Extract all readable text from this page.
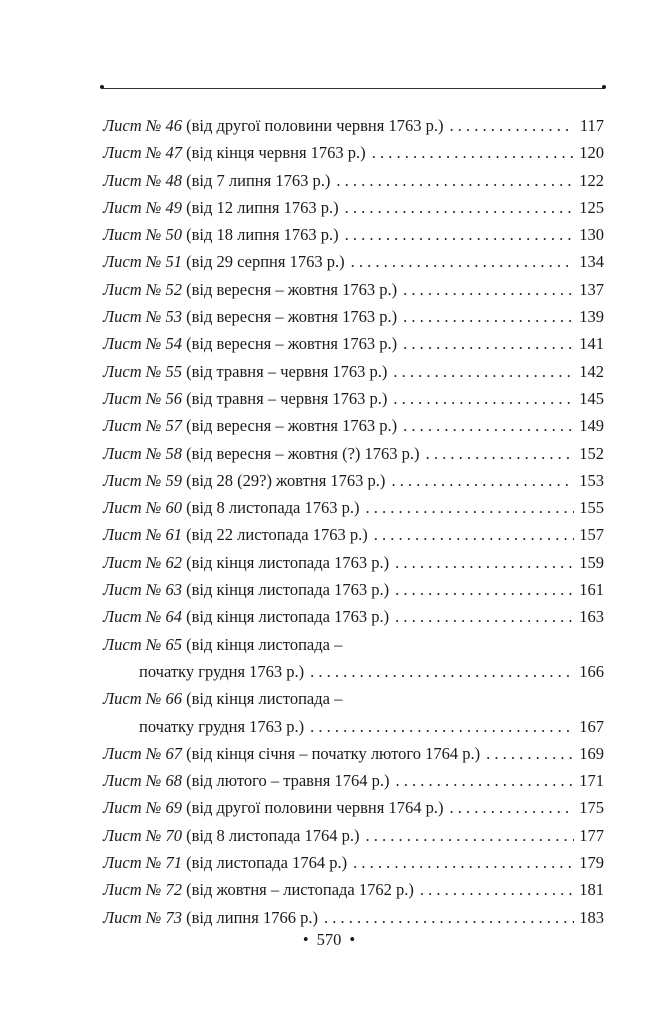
Лист № 46 (від другої половини червня 1763 р.) . . .	117
Лист № 47 (від кінця червня 1763 р.) . . .	120
Лист № 48 (від 7 липня 1763 р.) . . .	122
Лист № 49 (від 12 липня 1763 р.) . . .	125
Лист № 50 (від 18 липня 1763 р.) . . .	130
Лист № 51 (від 29 серпня 1763 р.) . . .	134
Лист № 52 (від вересня – жовтня 1763 р.) . . .	137
Лист № 53 (від вересня – жовтня 1763 р.) . . .	139
Лист № 54 (від вересня – жовтня 1763 р.) . . .	141
Лист № 55 (від травня – червня 1763 р.) . . .	142
Лист № 56 (від травня – червня 1763 р.) . . .	145
Лист № 57 (від вересня – жовтня 1763 р.) . . .	149
Лист № 58 (від вересня – жовтня (?) 1763 р.) . . .	152
Лист № 59 (від 28 (29?) жовтня 1763 р.) . . .	153
Лист № 60 (від 8 листопада 1763 р.) . . .	155
Лист № 61 (від 22 листопада 1763 р.) . . .	157
Лист № 62 (від кінця листопада 1763 р.) . . .	159
Лист № 63 (від кінця листопада 1763 р.) . . .	161
Лист № 64 (від кінця листопада 1763 р.) . . .	163
Лист № 65 (від кінця листопада –
початку грудня 1763 р.) . . .	166
Лист № 66 (від кінця листопада –
початку грудня 1763 р.) . . .	167
Лист № 67 (від кінця січня – початку лютого 1764 р.) . . .	169
Лист № 68 (від лютого – травня 1764 р.) . . .	171
Лист № 69 (від другої половини червня 1764 р.) . . .	175
Лист № 70 (від 8 листопада 1764 р.) . . .	177
Лист № 71 (від листопада 1764 р.) . . .	179
Лист № 72 (від жовтня – листопада 1762 р.) . . .	181
Лист № 73 (від липня 1766 р.) . . .	183
• 570 •
